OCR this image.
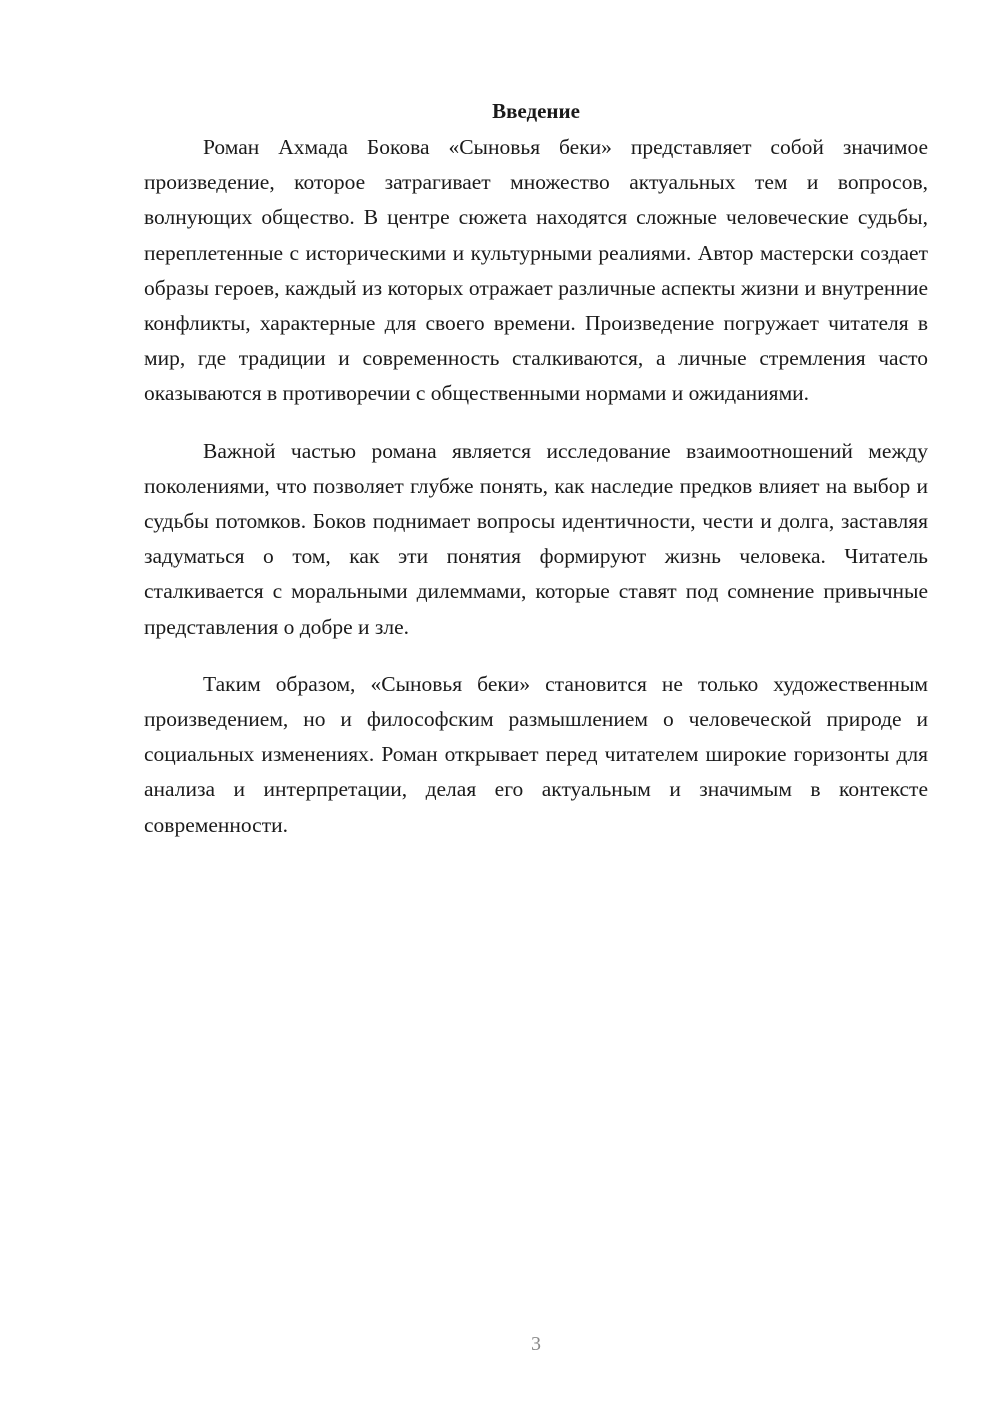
Введение

Роман Ахмада Бокова «Сыновья беки» представляет собой значимое произведение, которое затрагивает множество актуальных тем и вопросов, волнующих общество. В центре сюжета находятся сложные человеческие судьбы, переплетенные с историческими и культурными реалиями. Автор мастерски создает образы героев, каждый из которых отражает различные аспекты жизни и внутренние конфликты, характерные для своего времени. Произведение погружает читателя в мир, где традиции и современность сталкиваются, а личные стремления часто оказываются в противоречии с общественными нормами и ожиданиями.

Важной частью романа является исследование взаимоотношений между поколениями, что позволяет глубже понять, как наследие предков влияет на выбор и судьбы потомков. Боков поднимает вопросы идентичности, чести и долга, заставляя задуматься о том, как эти понятия формируют жизнь человека. Читатель сталкивается с моральными дилеммами, которые ставят под сомнение привычные представления о добре и зле.

Таким образом, «Сыновья беки» становится не только художественным произведением, но и философским размышлением о человеческой природе и социальных изменениях. Роман открывает перед читателем широкие горизонты для анализа и интерпретации, делая его актуальным и значимым в контексте современности.

3
